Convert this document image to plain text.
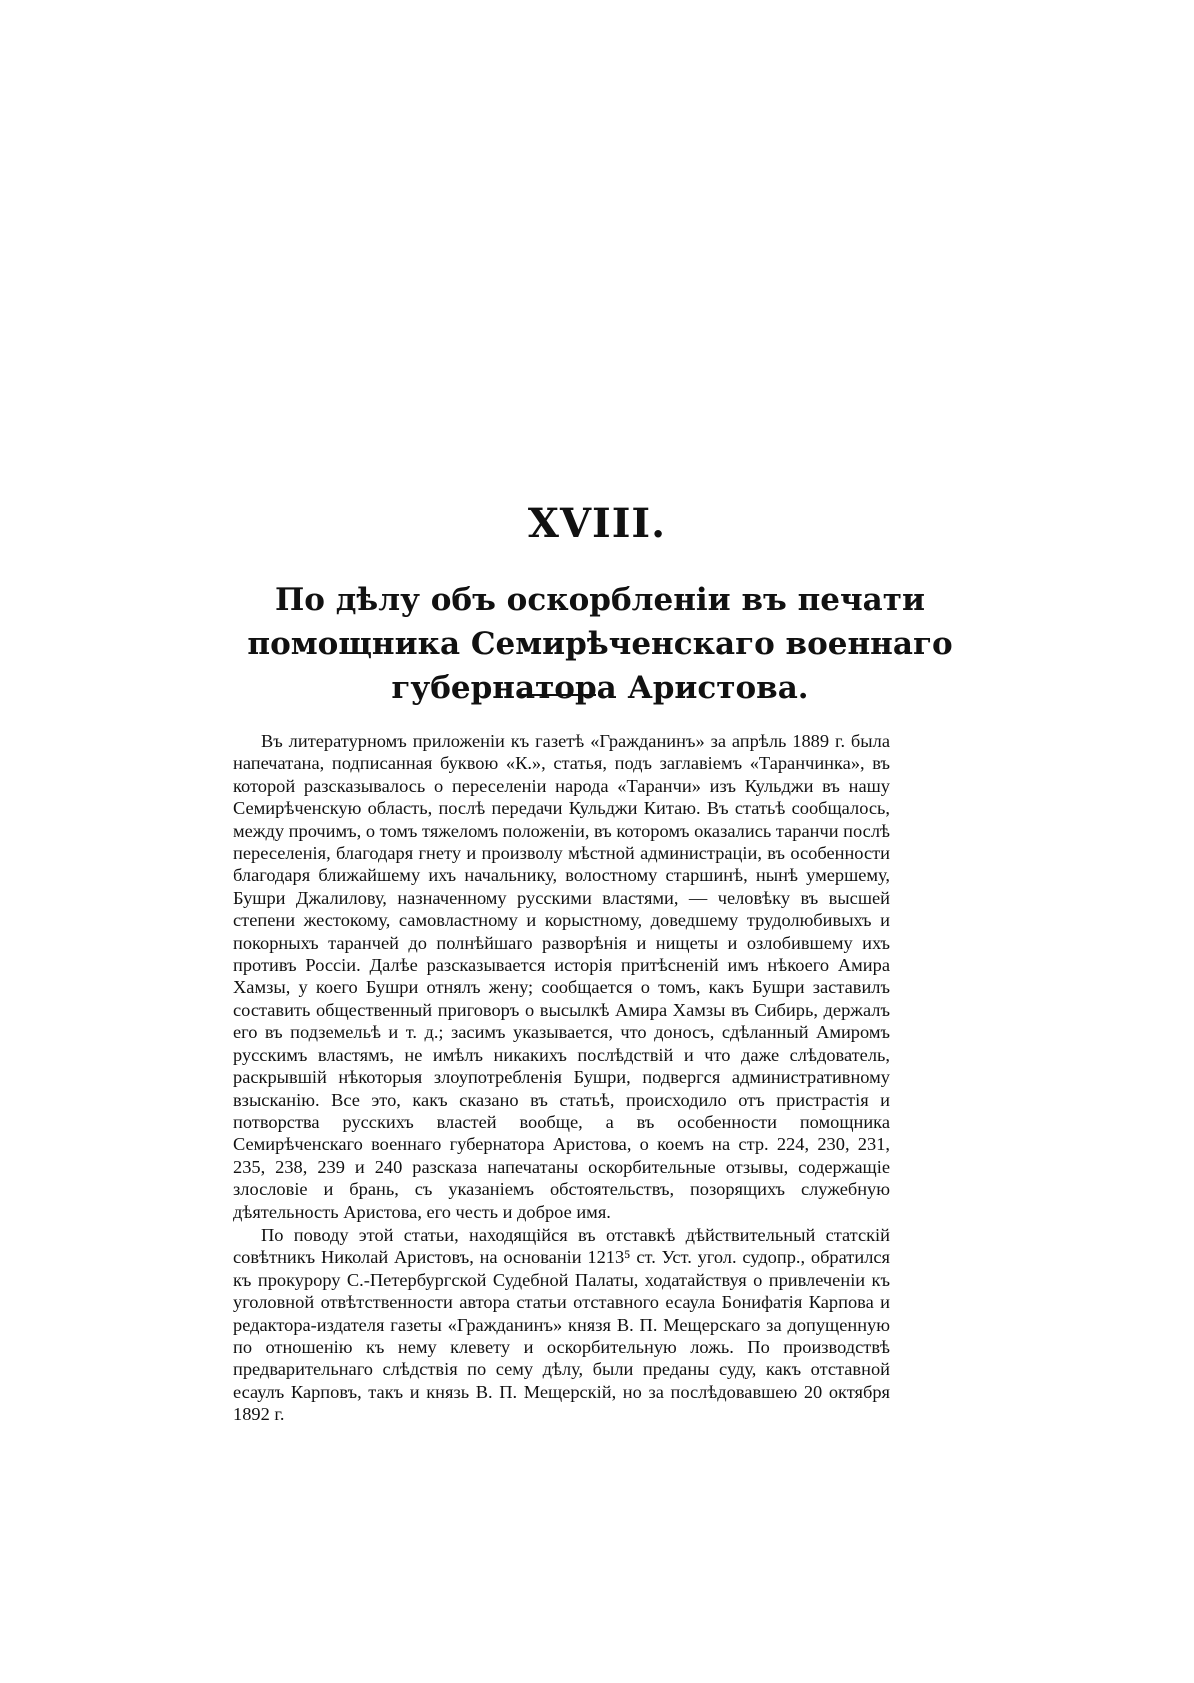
XVIII.
По дѣлу объ оскорбленіи въ печати помощника Семирѣченскаго военнаго губернатора Аристова.

Въ литературномъ приложеніи къ газетѣ «Гражданинъ» за апрѣль 1889 г. была напечатана, подписанная буквою «К.», статья, подъ заглавіемъ «Таранчинка», въ которой разсказывалось о переселеніи народа «Таранчи» изъ Кульджи въ нашу Семирѣченскую область, послѣ передачи Кульджи Китаю. Въ статьѣ сообщалось, между прочимъ, о томъ тяжеломъ положеніи, въ которомъ оказались таранчи послѣ переселенія, благодаря гнету и произволу мѣстной администраціи, въ особенности благодаря ближайшему ихъ начальнику, волостному старшинѣ, нынѣ умершему, Бушри Джалилову, назначенному русскими властями, — человѣку въ высшей степени жестокому, самовластному и корыстному, доведшему трудолюбивыхъ и покорныхъ таранчей до полнѣйшаго разворѣнія и нищеты и озлобившему ихъ противъ Россіи. Далѣе разсказывается исторія притѣсненій имъ нѣкоего Амира Хамзы, у коего Бушри отнялъ жену; сообщается о томъ, какъ Бушри заставилъ составить общественный приговоръ о высылкѣ Амира Хамзы въ Сибирь, держалъ его въ подземельѣ и т. д.; засимъ указывается, что доносъ, сдѣланный Амиромъ русскимъ властямъ, не имѣлъ никакихъ послѣдствій и что даже слѣдователь, раскрывшій нѣкоторыя злоупотребленія Бушри, подвергся административному взысканію. Все это, какъ сказано въ статьѣ, происходило отъ пристрастія и потворства русскихъ властей вообще, а въ особенности помощника Семирѣченскаго военнаго губернатора Аристова, о коемъ на стр. 224, 230, 231, 235, 238, 239 и 240 разсказа напечатаны оскорбительные отзывы, содержащіе злословіе и брань, съ указаніемъ обстоятельствъ, позорящихъ служебную дѣятельность Аристова, его честь и доброе имя.

По поводу этой статьи, находящійся въ отставкѣ дѣйствительный статскій совѣтникъ Николай Аристовъ, на основаніи 1213⁵ ст. Уст. угол. судопр., обратился къ прокурору С.-Петербургской Судебной Палаты, ходатайствуя о привлеченіи къ уголовной отвѣтственности автора статьи отставного есаула Бонифатія Карпова и редактора-издателя газеты «Гражданинъ» князя В. П. Мещерскаго за допущенную по отношенію къ нему клевету и оскорбительную ложь. По производствѣ предварительнаго слѣдствія по сему дѣлу, были преданы суду, какъ отставной есаулъ Карповъ, такъ и князь В. П. Мещерскій, но за послѣдовавшею 20 октября 1892 г.
